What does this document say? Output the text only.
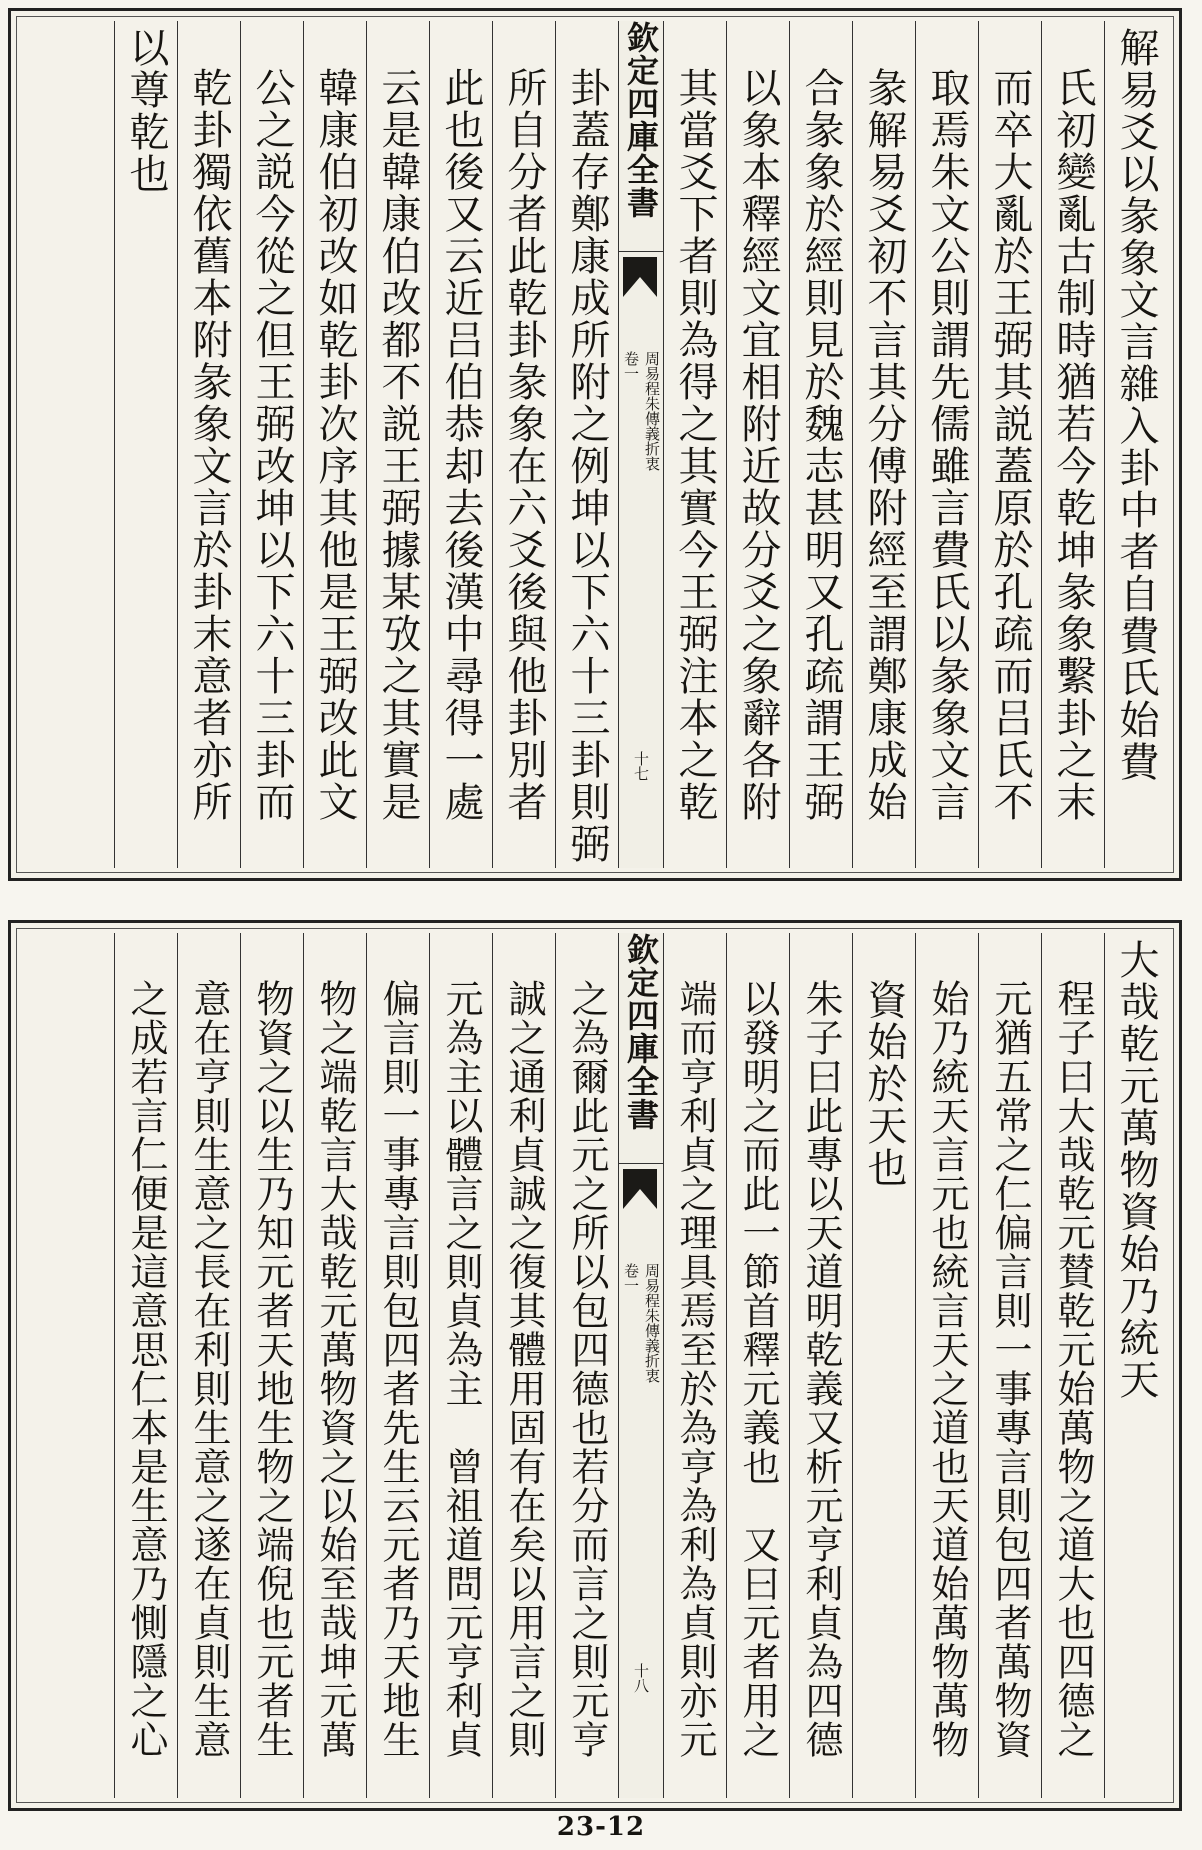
解易爻以彖象文言雜入卦中者自費氏始費
氏初變亂古制時猶若今乾坤彖象繫卦之末
而卒大亂於王弼其説蓋原於孔疏而吕氏不
取焉朱文公則謂先儒雖言費氏以彖象文言
彖解易爻初不言其分傅附經至謂鄭康成始
合彖象於經則見於魏志甚明又孔疏謂王弼
以象本釋經文宜相附近故分爻之象辭各附
其當爻下者則為得之其實今王弼注本之乾
欽定四庫全書
周易程朱傳義折衷
卷一
十七
卦蓋存鄭康成所附之例坤以下六十三卦則弼
所自分者此乾卦彖象在六爻後與他卦別者
此也後又云近吕伯恭却去後漢中尋得一處
云是韓康伯改都不説王弼據某攷之其實是
韓康伯初改如乾卦次序其他是王弼改此文
公之説今從之但王弼改坤以下六十三卦而
乾卦獨依舊本附彖象文言於卦末意者亦所
以尊乾也
大哉乾元萬物資始乃統天
程子曰大哉乾元賛乾元始萬物之道大也四德之
元猶五常之仁偏言則一事專言則包四者萬物資
始乃統天言元也統言天之道也天道始萬物萬物
資始於天也
朱子曰此專以天道明乾義又析元亨利貞為四德
以發明之而此一節首釋元義也　又曰元者用之
端而亨利貞之理具焉至於為亨為利為貞則亦元
欽定四庫全書
周易程朱傳義折衷
卷一
十八
之為爾此元之所以包四德也若分而言之則元亨
誠之通利貞誠之復其體用固有在矣以用言之則
元為主以體言之則貞為主　曾祖道問元亨利貞
偏言則一事專言則包四者先生云元者乃天地生
物之端乾言大哉乾元萬物資之以始至哉坤元萬
物資之以生乃知元者天地生物之端倪也元者生
意在亨則生意之長在利則生意之遂在貞則生意
之成若言仁便是這意思仁本是生意乃惻隱之心
23-12
